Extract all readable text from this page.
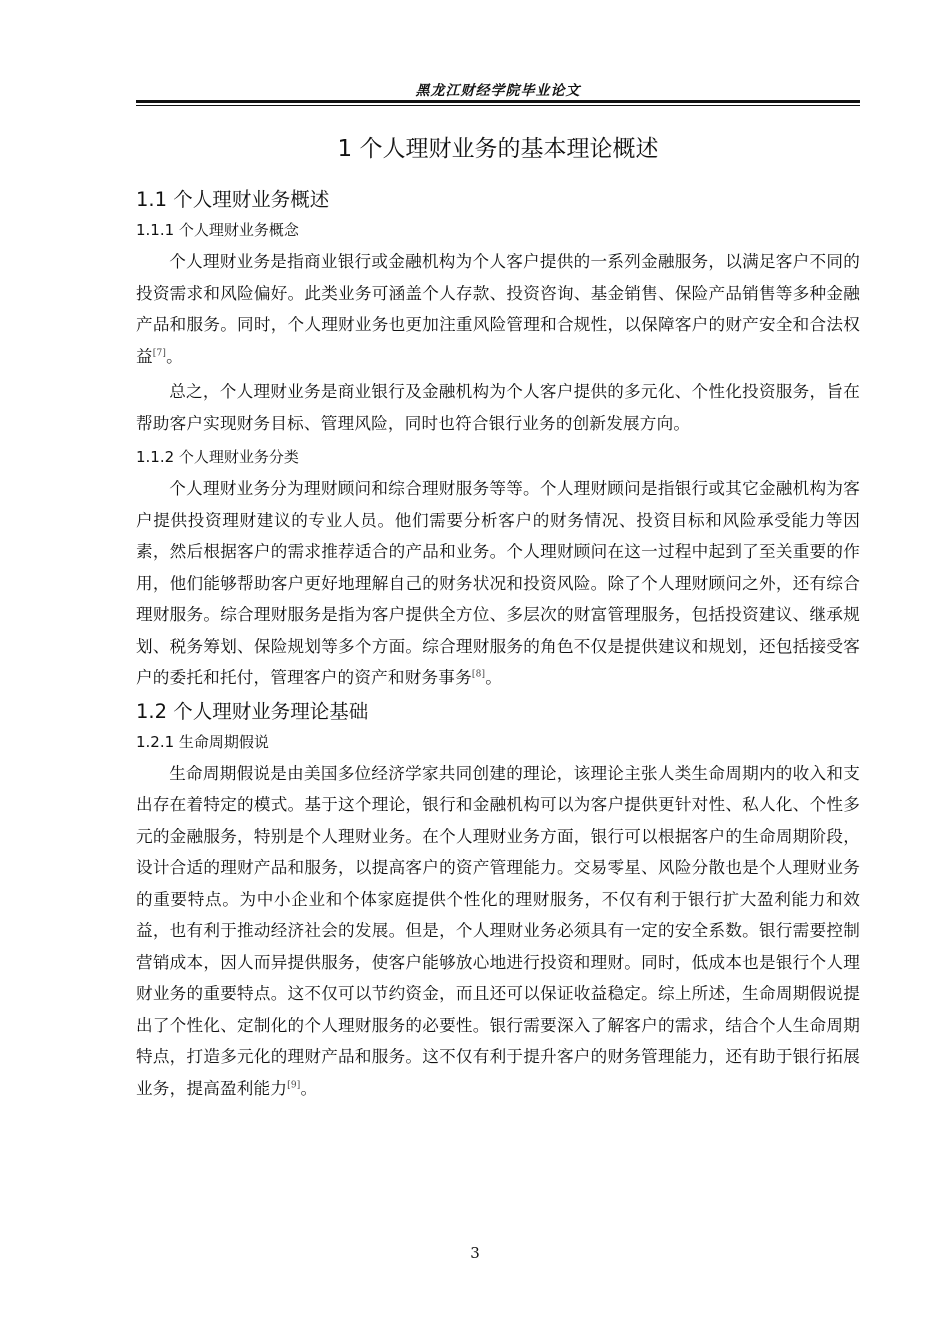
黑龙江财经学院毕业论文
1 个人理财业务的基本理论概述
1.1 个人理财业务概述
1.1.1 个人理财业务概念

个人理财业务是指商业银行或金融机构为个人客户提供的一系列金融服务，以满足客户不同的投资需求和风险偏好。此类业务可涵盖个人存款、投资咨询、基金销售、保险产品销售等多种金融产品和服务。同时，个人理财业务也更加注重风险管理和合规性，以保障客户的财产安全和合法权益[7]。

总之，个人理财业务是商业银行及金融机构为个人客户提供的多元化、个性化投资服务，旨在帮助客户实现财务目标、管理风险，同时也符合银行业务的创新发展方向。

1.1.2 个人理财业务分类

个人理财业务分为理财顾问和综合理财服务等等。个人理财顾问是指银行或其它金融机构为客户提供投资理财建议的专业人员。他们需要分析客户的财务情况、投资目标和风险承受能力等因素，然后根据客户的需求推荐适合的产品和业务。个人理财顾问在这一过程中起到了至关重要的作用，他们能够帮助客户更好地理解自己的财务状况和投资风险。除了个人理财顾问之外，还有综合理财服务。综合理财服务是指为客户提供全方位、多层次的财富管理服务，包括投资建议、继承规划、税务筹划、保险规划等多个方面。综合理财服务的角色不仅是提供建议和规划，还包括接受客户的委托和托付，管理客户的资产和财务事务[8]。

1.2 个人理财业务理论基础
1.2.1 生命周期假说

生命周期假说是由美国多位经济学家共同创建的理论，该理论主张人类生命周期内的收入和支出存在着特定的模式。基于这个理论，银行和金融机构可以为客户提供更针对性、私人化、个性多元的金融服务，特别是个人理财业务。在个人理财业务方面，银行可以根据客户的生命周期阶段，设计合适的理财产品和服务，以提高客户的资产管理能力。交易零星、风险分散也是个人理财业务的重要特点。为中小企业和个体家庭提供个性化的理财服务，不仅有利于银行扩大盈利能力和效益，也有利于推动经济社会的发展。但是，个人理财业务必须具有一定的安全系数。银行需要控制营销成本，因人而异提供服务，使客户能够放心地进行投资和理财。同时，低成本也是银行个人理财业务的重要特点。这不仅可以节约资金，而且还可以保证收益稳定。综上所述，生命周期假说提出了个性化、定制化的个人理财服务的必要性。银行需要深入了解客户的需求，结合个人生命周期特点，打造多元化的理财产品和服务。这不仅有利于提升客户的财务管理能力，还有助于银行拓展业务，提高盈利能力[9]。

3
